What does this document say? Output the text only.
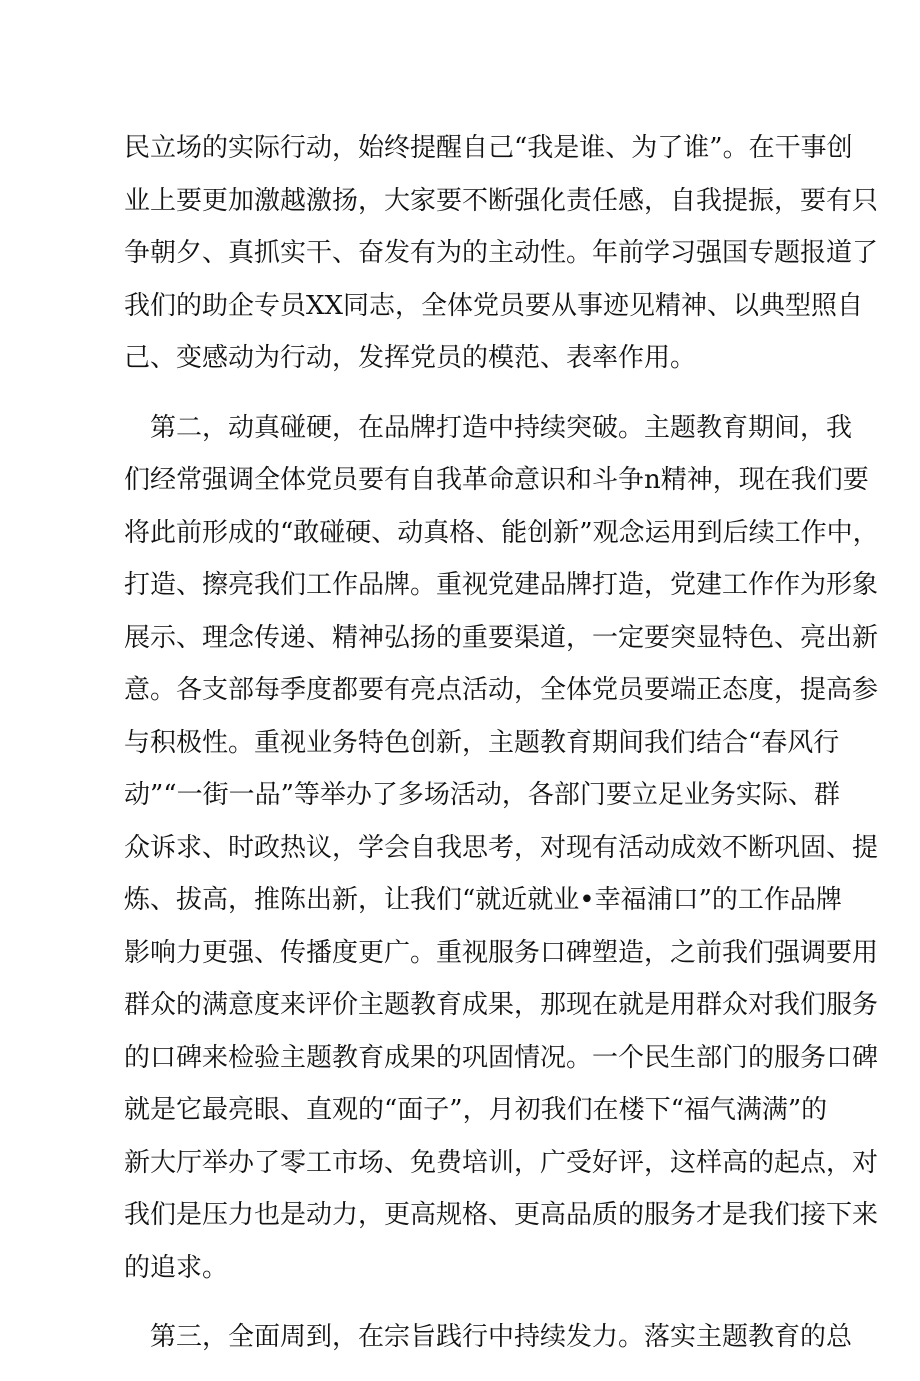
民立场的实际行动，始终提醒自己“我是谁、为了谁”。在干事创
业上要更加激越激扬，大家要不断强化责任感，自我提振，要有只
争朝夕、真抓实干、奋发有为的主动性。年前学习强国专题报道了
我们的助企专员XX同志，全体党员要从事迹见精神、以典型照自
己、变感动为行动，发挥党员的模范、表率作用。
第二，动真碰硬，在品牌打造中持续突破。主题教育期间，我
们经常强调全体党员要有自我革命意识和斗争n精神，现在我们要
将此前形成的“敢碰硬、动真格、能创新”观念运用到后续工作中，
打造、擦亮我们工作品牌。重视党建品牌打造，党建工作作为形象
展示、理念传递、精神弘扬的重要渠道，一定要突显特色、亮出新
意。各支部每季度都要有亮点活动，全体党员要端正态度，提高参
与积极性。重视业务特色创新，主题教育期间我们结合“春风行
动”“一街一品”等举办了多场活动，各部门要立足业务实际、群
众诉求、时政热议，学会自我思考，对现有活动成效不断巩固、提
炼、拔高，推陈出新，让我们“就近就业•幸福浦口”的工作品牌
影响力更强、传播度更广。重视服务口碑塑造，之前我们强调要用
群众的满意度来评价主题教育成果，那现在就是用群众对我们服务
的口碑来检验主题教育成果的巩固情况。一个民生部门的服务口碑
就是它最亮眼、直观的“面子”，月初我们在楼下“福气满满”的
新大厅举办了零工市场、免费培训，广受好评，这样高的起点，对
我们是压力也是动力，更高规格、更高品质的服务才是我们接下来
的追求。
第三，全面周到，在宗旨践行中持续发力。落实主题教育的总
